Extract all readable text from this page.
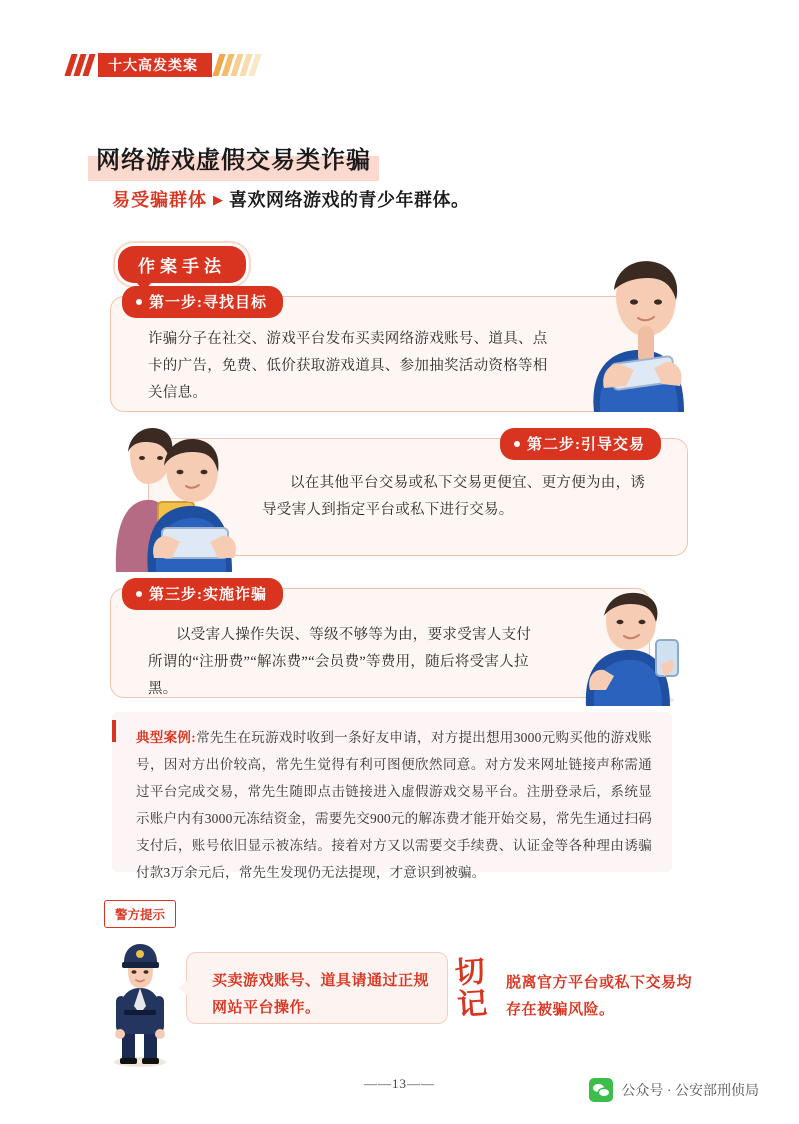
十大高发类案
网络游戏虚假交易类诈骗
易受骗群体 ▶ 喜欢网络游戏的青少年群体。
作案手法
第一步:寻找目标
诈骗分子在社交、游戏平台发布买卖网络游戏账号、道具、点卡的广告，免费、低价获取游戏道具、参加抽奖活动资格等相关信息。
第二步:引导交易
以在其他平台交易或私下交易更便宜、更方便为由，诱导受害人到指定平台或私下进行交易。
第三步:实施诈骗
以受害人操作失误、等级不够等为由，要求受害人支付所谓的“注册费”“解冻费”“会员费”等费用，随后将受害人拉黑。
典型案例:常先生在玩游戏时收到一条好友申请，对方提出想用3000元购买他的游戏账号，因对方出价较高，常先生觉得有利可图便欣然同意。对方发来网址链接声称需通过平台完成交易，常先生随即点击链接进入虚假游戏交易平台。注册登录后，系统显示账户内有3000元冻结资金，需要先交900元的解冻费才能开始交易，常先生通过扫码支付后，账号依旧显示被冻结。接着对方又以需要交手续费、认证金等各种理由诱骗付款3万余元后，常先生发现仍无法提现，才意识到被骗。
警方提示
买卖游戏账号、道具请通过正规网站平台操作。	切记 脱离官方平台或私下交易均存在被骗风险。
——13——
公众号 · 公安部刑侦局
